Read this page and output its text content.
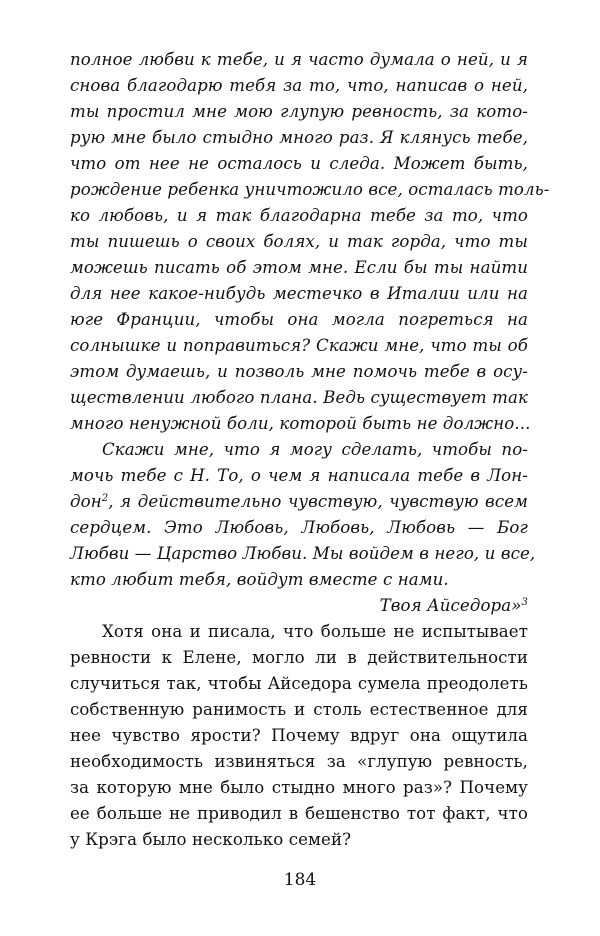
полное любви к тебе, и я часто думала о ней, и я
снова благодарю тебя за то, что, написав о ней,
ты простил мне мою глупую ревность, за кото-
рую мне было стыдно много раз. Я клянусь тебе,
что от нее не осталось и следа. Может быть,
рождение ребенка уничтожило все, осталась толь-
ко любовь, и я так благодарна тебе за то, что
ты пишешь о своих болях, и так горда, что ты
можешь писать об этом мне. Если бы ты найти
для нее какое-нибудь местечко в Италии или на
юге Франции, чтобы она могла погреться на
солнышке и поправиться? Скажи мне, что ты об
этом думаешь, и позволь мне помочь тебе в осу-
ществлении любого плана. Ведь существует так
много ненужной боли, которой быть не должно...
Скажи мне, что я могу сделать, чтобы по-
мочь тебе с Н. То, о чем я написала тебе в Лон-
дон$^2$, я действительно чувствую, чувствую всем
сердцем. Это Любовь, Любовь, Любовь — Бог
Любви — Царство Любви. Мы войдем в него, и все,
кто любит тебя, войдут вместе с нами.
Твоя Айседора»$^3$
Хотя она и писала, что больше не испытывает
ревности к Елене, могло ли в действительности
случиться так, чтобы Айседора сумела преодолеть
собственную ранимость и столь естественное для
нее чувство ярости? Почему вдруг она ощутила
необходимость извиняться за «глупую ревность,
за которую мне было стыдно много раз»? Почему
ее больше не приводил в бешенство тот факт, что
у Крэга было несколько семей?
184
